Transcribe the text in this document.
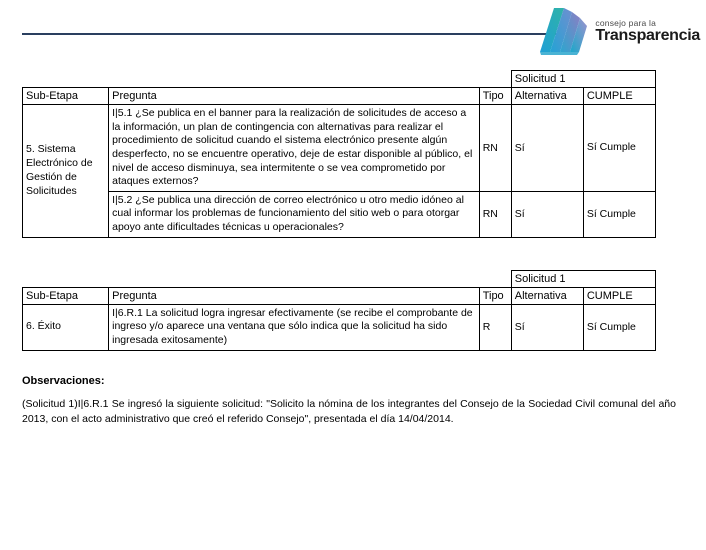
consejo para la
Transparencia
			Solicitud 1	
Sub-Etapa	Pregunta	Tipo	Alternativa	CUMPLE
5. Sistema Electrónico de Gestión de Solicitudes	I|5.1 ¿Se publica en el banner para la realización de solicitudes de acceso a la información, un plan de contingencia con alternativas para realizar el procedimiento de solicitud cuando el sistema electrónico presente algún desperfecto, no se encuentre operativo, deje de estar disponible al público, el nivel de acceso disminuya, sea intermitente o se vea comprometido por ataques externos?	RN	Sí	Sí Cumple
	I|5.2 ¿Se publica una dirección de correo electrónico u otro medio idóneo al cual informar los problemas de funcionamiento del sitio web o para otorgar apoyo ante dificultades técnicas u operacionales?	RN	Sí	Sí Cumple
			Solicitud 1	
Sub-Etapa	Pregunta	Tipo	Alternativa	CUMPLE
6. Éxito	I|6.R.1 La solicitud logra ingresar efectivamente (se recibe el comprobante de ingreso y/o aparece una ventana que sólo indica que la solicitud ha sido ingresada exitosamente)	R	Sí	Sí Cumple
Observaciones:
(Solicitud 1)I|6.R.1 Se ingresó la siguiente solicitud: "Solicito la nómina de los integrantes del Consejo de la Sociedad Civil comunal del año 2013, con el acto administrativo que creó el referido Consejo", presentada el día 14/04/2014.
